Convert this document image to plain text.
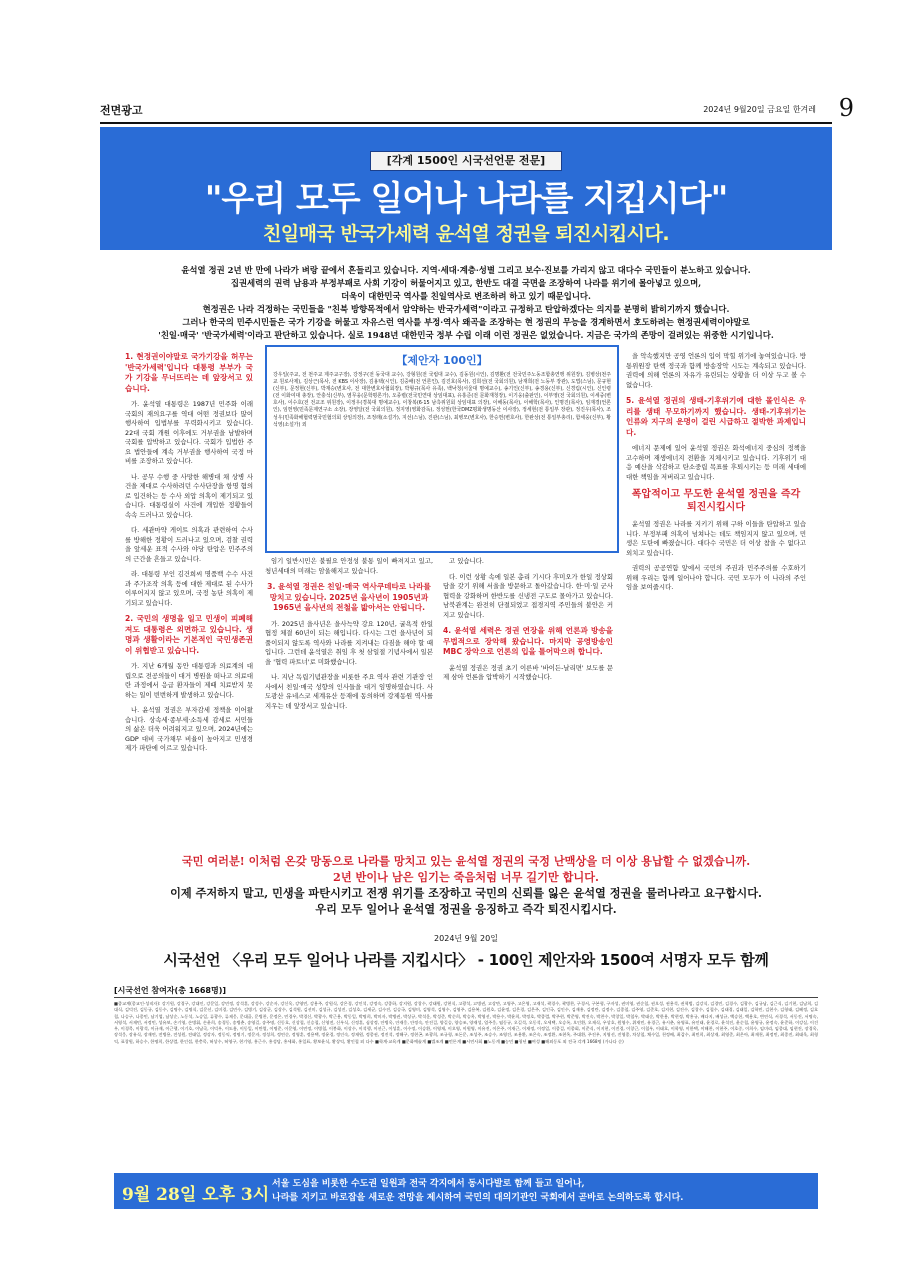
전면광고	2024년 9월20일 금요일 한겨레 9
[각계 1500인 시국선언문 전문]
"우리 모두 일어나 나라를 지킵시다"
친일매국 반국가세력 윤석열 정권을 퇴진시킵시다.

윤석열 정권 2년 반 만에 나라가 벼랑 끝에서 흔들리고 있습니다. 지역·세대·계층·성별 그리고 보수·진보를 가리지 않고 대다수 국민들이 분노하고 있습니다.

집권세력의 권력 남용과 부정부패로 사회 기강이 허물어지고 있고, 한반도 대결 국면을 조장하여 나라를 위기에 몰아넣고 있으며,

더욱이 대한민국 역사를 친일역사로 변조하려 하고 있기 때문입니다.

현정권은 나라 걱정하는 국민들을 "친북 방향목적에서 암약하는 반국가세력"이라고 규정하고 탄압하겠다는 의지를 분명히 밝히기까지 했습니다.

그러나 한국의 민주시민들은 국가 기강을 허물고 자유스런 역사를 부정·역사 왜곡을 조장하는 현 정권의 무능을 경계하면서 호도하려는 현정권세력이야말로

'친일·매국' '반국가세력'이라고 판단하고 있습니다. 실로 1948년 대한민국 정부 수립 이래 이런 정권은 없었습니다. 지금은 국가의 존망이 걸려있는 위중한 시기입니다.

1. 현정권이야말로 국가기강을 허무는 '반국가세력'입니다 대통령 부부가 국가 기강을 무너뜨리는 데 앞장서고 있습니다.

가. 윤석열 대통령은 1987년 민주화 이래 국회의 재의요구를 역대 어떤 정권보다 많이 행사하여 입법부를 무력화시키고 있습니다. 22대 국회 개원 이후에도 거부권을 남발하며 국회를 압박하고 있습니다. 국회가 입법한 주요 법안들에 계속 거부권을 행사하여 국정 마비를 조장하고 있습니다.

나. 공무 수행 중 사망한 해병대 채 상병 사건을 제대로 수사하려던 수사단장을 항명 혐의로 입건하는 등 수사 외압 의혹이 제기되고 있습니다. 대통령실이 사건에 개입한 정황들이 속속 드러나고 있습니다.

다. 세관마약 게이트 의혹과 관련하여 수사를 방해한 정황이 드러나고 있으며, 검찰 권력을 앞세운 표적 수사와 야당 탄압은 민주주의의 근간을 흔들고 있습니다.

라. 대통령 부인 김건희씨 명품백 수수 사건과 주가조작 의혹 등에 대한 제대로 된 수사가 이루어지지 않고 있으며, 국정 농단 의혹이 제기되고 있습니다.

2. 국민의 생명을 일고 민생이 피폐해져도 대통령은 외면하고 있습니다. 생명과 생활이라는 기본적인 국민생존권이 위협받고 있습니다.

가. 지난 6개월 동안 대통령과 의료계의 대립으로 전공의들이 대거 병원을 떠나고 의료대란 과정에서 응급 환자들이 제때 치료받지 못하는 일이 빈번하게 발생하고 있습니다.

나. 윤석열 정권은 부자감세 정책을 이어왔습니다. 상속세·종부세·소득세 감세로 서민들의 삶은 더욱 어려워지고 있으며, 2024년에는 GDP 대비 국가채무 비율이 높아지고 민생경제가 파탄에 이르고 있습니다.

【제안자 100인】
강우일(주교, 전 천주교 제주교구장), 강정구(전 동국대 교수), 강형원(전 국립대 교수), 김동원(시인), 김명환(전 전국민주노동조합총연맹 위원장), 김병상(천주교 원로사제), 김상근(목사, 전 KBS 이사장), 김용택(시인), 김중배(전 언론인), 김진호(목사), 김희선(전 국회의원), 남재희(전 노동부 장관), 도법(스님), 문규현(신부), 문정현(신부), 박재승(변호사, 전 대한변호사협회장), 박형규(목사 유족), 백낙청(서울대 명예교수), 송기인(신부), 송경용(신부), 신경림(시인), 신인령(전 이화여대 총장), 안충석(신부), 염무웅(문학평론가), 오종렬(전국민연대 상임대표), 유홍준(전 문화재청장), 이기웅(출판인), 이부영(전 국회의원), 이세중(변호사), 이수호(전 전교조 위원장), 이정우(경북대 명예교수), 이창복(6·15 남측위원회 상임대표 의장), 이해동(목사), 이해학(목사), 인명진(목사), 임재경(언론인), 임헌영(민족문제연구소 소장), 장영달(전 국회의원), 정지영(영화감독), 정성헌(한국DMZ평화생명동산 이사장), 정세현(전 통일부 장관), 정진우(목사), 조성우(민족화해협력범국민협의회 상임의장), 조정래(소설가), 지선(스님), 진관(스님), 최병모(변호사), 한승헌(변호사), 한완상(전 통일부총리), 함세웅(신부), 황석영(소설가) 외

임기 일반시민은 불필요 안정성 불통 일이 빠져지고 있고, 청년세대의 미래는 암울해지고 있습니다.

3. 윤석열 정권은 친일·매국 역사쿠데타로 나라를 망치고 있습니다. 2025년 을사년이 1905년과 1965년 을사년의 전철을 밟아서는 안됩니다.

가. 2025년 을사년은 을사늑약 강요 120년, 굴욕적 한일협정 체결 60년이 되는 해입니다. 다시는 그런 을사년이 되풀이되지 않도록 역사와 나라를 지켜내는 다짐을 해야 할 때입니다. 그런데 윤석열은 취임 후 첫 삼일절 기념사에서 일본을 '협력 파트너'로 미화했습니다.

나. 지난 독립기념관장을 비롯한 주요 역사 관련 기관장 인사에서 친일·매국 성향의 인사들을 대거 임명하였습니다. 사도광산 유네스코 세계유산 등재에 동의하며 강제동원 역사를 지우는 데 앞장서고 있습니다.

고 있습니다.

다. 이런 상황 속에 일본 총리 기시다 후미오가 한일 정상회담을 갖기 위해 서울을 방문하고 돌아갔습니다. 한·미·일 군사협력을 강화하며 한반도를 신냉전 구도로 몰아가고 있습니다. 남북관계는 완전히 단절되었고 접경지역 주민들의 불안은 커지고 있습니다.

4. 윤석열 세력은 정권 연장을 위해 언론과 방송을 무법적으로 장악해 왔습니다. 마지막 공영방송인 MBC 장악으로 언론의 입을 틀어막으려 합니다.

윤석열 정권은 정권 초기 이른바 '바이든-날리면' 보도를 문제 삼아 언론을 압박하기 시작했습니다.

을 악속했지만 공영 언론의 입이 막힐 위기에 놓여있습니다. 방통위원장 탄핵 정국과 함께 방송장악 시도는 계속되고 있습니다. 권력에 의해 언론의 자유가 유린되는 상황을 더 이상 두고 볼 수 없습니다.

5. 윤석열 정권의 생태-기후위기에 대한 몰인식은 우리를 생태 무모하기까지 했습니다. 생태-기후위기는 인류와 지구의 운명이 걸린 시급하고 절박한 과제입니다.

에너지 문제에 있어 윤석열 정권은 화석에너지 중심의 정책을 고수하며 재생에너지 전환을 지체시키고 있습니다. 기후위기 대응 예산을 삭감하고 탄소중립 목표를 후퇴시키는 등 미래 세대에 대한 책임을 저버리고 있습니다.

폭압적이고 무도한 윤석열 정권을 즉각 퇴진시킵시다

윤석열 정권은 나라를 지키기 위해 구하 이들을 탄압하고 있습니다. 부정부패 의혹이 넘쳐나는 데도 책임지지 않고 있으며, 민생은 도탄에 빠졌습니다. 대다수 국민은 더 이상 참을 수 없다고 외치고 있습니다.

권력의 공공연함 앞에서 국민의 주권과 민주주의를 수호하기 위해 우리는 함께 일어나야 합니다. 국민 모두가 이 나라의 주인임을 보여줍시다.

국민 여러분! 이처럼 온갖 망동으로 나라를 망치고 있는 윤석열 정권의 국정 난맥상을 더 이상 용납할 수 없겠습니까.
2년 반이나 남은 임기는 죽음처럼 너무 길기만 합니다.
이제 주저하지 말고, 민생을 파탄시키고 전쟁 위기를 조장하고 국민의 신뢰를 잃은 윤석열 정권을 물러나라고 요구합시다.
우리 모두 일어나 윤석열 정권을 응징하고 즉각 퇴진시킵시다.
2024년 9월 20일
시국선언 〈우리 모두 일어나 나라를 지킵시다〉 - 100인 제안자와 1500여 서명자 모두 함께
[시국선언 참여자(총 1668명)]
■종교계(종교인·성직자): 강기원, 강경구, 강대인, 강문일, 강민정, 강석훈, 강성수, 강순자, 강신욱, 강영민, 강용주, 강원식, 강은경, 강인석, 강정숙, 강종하, 강지원, 강창수, 강태원, 강현식, 고광석, 고병권, 고상만, 고영주, 고은영, 고재석, 곽경수, 곽병찬, 구경서, 구본형, 구자성, 권미영, 권순철, 권오성, 권용석, 권혁범, 김강식, 김경민, 김경수, 김광수, 김규남, 김근식, 김기현, 김남희, 김대식, 김덕진, 김동규, 김동수, 김명수, 김명식, 김문선, 김미경, 김민수, 김병기, 김상균, 김상수, 김석원, 김선미, 김성규, 김성진, 김성호, 김세균, 김수진, 김승국, 김영미, 김영석, 김영수, 김영주, 김용복, 김원호, 김윤정, 김은경, 김은주, 김인국, 김인수, 김재홍, 김정란, 김정수, 김종철, 김주영, 김준호, 김지현, 김진수, 김창수, 김철수, 김태경, 김태일, 김학민, 김현수, 김형태, 김혜정, 김호철, 나승구, 나종민, 남기업, 남상순, 노동석, 노승일, 류광수, 류제웅, 문대골, 문병찬, 문정은, 민경우, 박경신, 박광수, 박근용, 박동일, 박명희, 박미자, 박병권, 박상규, 박석운, 박성준, 박순희, 박승옥, 박영선, 박용수, 박윤희, 박정호, 박종렬, 박주현, 박준영, 박진숙, 박찬수, 박창일, 박철우, 박태순, 박한용, 박현정, 박홍규, 배다지, 배성규, 백승헌, 백용호, 변연식, 서경석, 서동진, 서명숙, 서영석, 서재민, 서정민, 성유보, 손기영, 손병휘, 손윤희, 송경동, 송병춘, 송영길, 송주명, 신동호, 신상철, 신승철, 신영전, 신우식, 신정훈, 심상정, 안병욱, 안재웅, 안정숙, 안진걸, 양길승, 양승조, 양재성, 엄주웅, 염동규, 오길석, 오동석, 오세택, 오승록, 오인환, 오재식, 우상호, 원영수, 위재민, 유경근, 유시춘, 유영표, 유인태, 윤경로, 윤석진, 윤순철, 윤영규, 윤정숙, 윤준하, 이강실, 이건우, 이경묵, 이광석, 이규재, 이근행, 이기호, 이남곡, 이덕우, 이도흠, 이동일, 이만열, 이명준, 이문영, 이민정, 이병철, 이봉화, 이상수, 이석행, 이선근, 이성훈, 이수정, 이승환, 이영재, 이오영, 이원영, 이유진, 이은주, 이재근, 이재정, 이정일, 이종걸, 이종회, 이준식, 이지현, 이진경, 이창근, 이철우, 이태호, 이학영, 이한택, 이해찬, 이현주, 이호중, 이희수, 임미리, 임종대, 임현진, 장경욱, 장석웅, 장유식, 장재연, 전병용, 전성원, 전태일, 정강자, 정동익, 정명기, 정문자, 정성희, 정연순, 정영훈, 정용택, 정윤경, 정인숙, 정재원, 정종권, 정진석, 정해구, 정현곤, 조광희, 조규형, 조돈문, 조성주, 조승수, 조영건, 조용환, 조은숙, 조정환, 조현옥, 주대환, 주진우, 지영선, 진영종, 차상철, 채수일, 천정배, 최갑수, 최민희, 최상재, 최영준, 최은아, 최재천, 최정민, 최종진, 최태욱, 최형익, 표창원, 하승수, 한명희, 한상렬, 한인섭, 한충목, 허상수, 허영구, 현기영, 홍근수, 홍성담, 홍세화, 홍일표, 황보윤식, 황상익, 황인철 외 다수 ■학계·교육계 ■문화예술계 ■법조계 ■언론계 ■시민사회 ■노동계 ■농민 ■청년 ■여성 ■해외동포 외 전국 각계 1668명 (가나다 순)
9월 28일 오후 3시
서울 도심을 비롯한 수도권 일원과 전국 각지에서 동시다발로 함께 들고 일어나,
나라를 지키고 바로잡을 새로운 전망을 제시하여 국민의 대의기관인 국회에서 곧바로 논의하도록 합시다.
